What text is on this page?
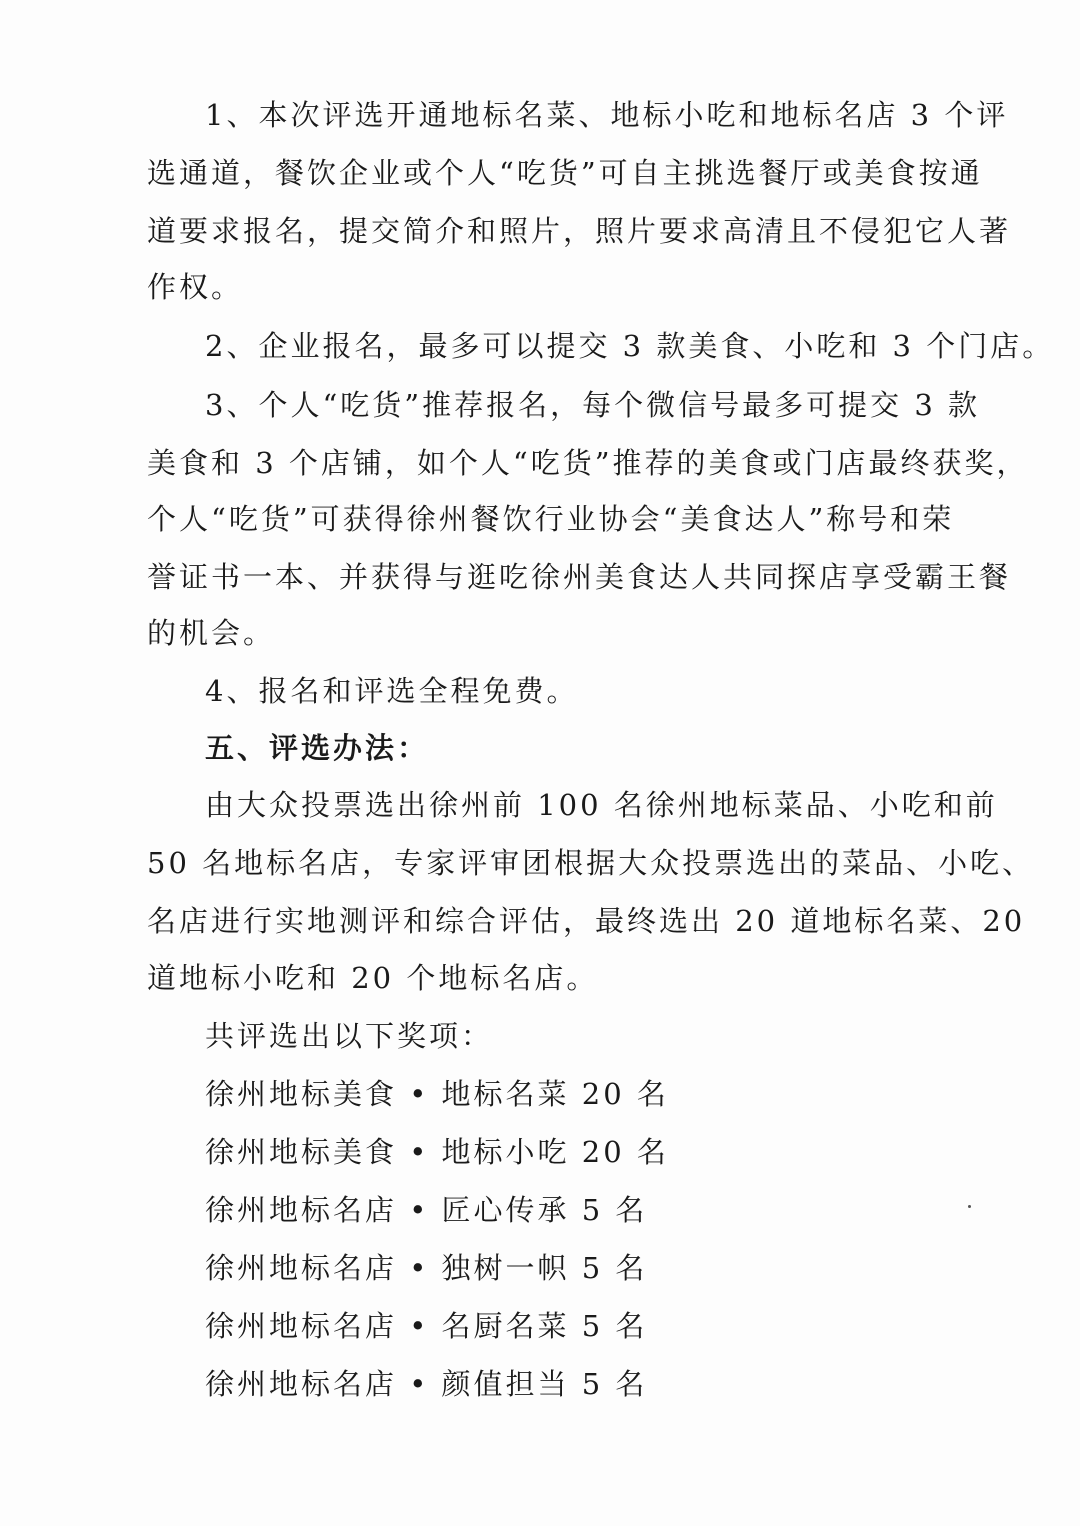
1、本次评选开通地标名菜、地标小吃和地标名店 3 个评
选通道，餐饮企业或个人“吃货”可自主挑选餐厅或美食按通
道要求报名，提交简介和照片，照片要求高清且不侵犯它人著
作权。
2、企业报名，最多可以提交 3 款美食、小吃和 3 个门店。
3、个人“吃货”推荐报名，每个微信号最多可提交 3 款
美食和 3 个店铺，如个人“吃货”推荐的美食或门店最终获奖，
个人“吃货”可获得徐州餐饮行业协会“美食达人”称号和荣
誉证书一本、并获得与逛吃徐州美食达人共同探店享受霸王餐
的机会。
4、报名和评选全程免费。
五、评选办法：
由大众投票选出徐州前 100 名徐州地标菜品、小吃和前
50 名地标名店，专家评审团根据大众投票选出的菜品、小吃、
名店进行实地测评和综合评估，最终选出 20 道地标名菜、20
道地标小吃和 20 个地标名店。
共评选出以下奖项：
徐州地标美食 • 地标名菜 20 名
徐州地标美食 • 地标小吃 20 名
徐州地标名店 • 匠心传承 5 名
徐州地标名店 • 独树一帜 5 名
徐州地标名店 • 名厨名菜 5 名
徐州地标名店 • 颜值担当 5 名
